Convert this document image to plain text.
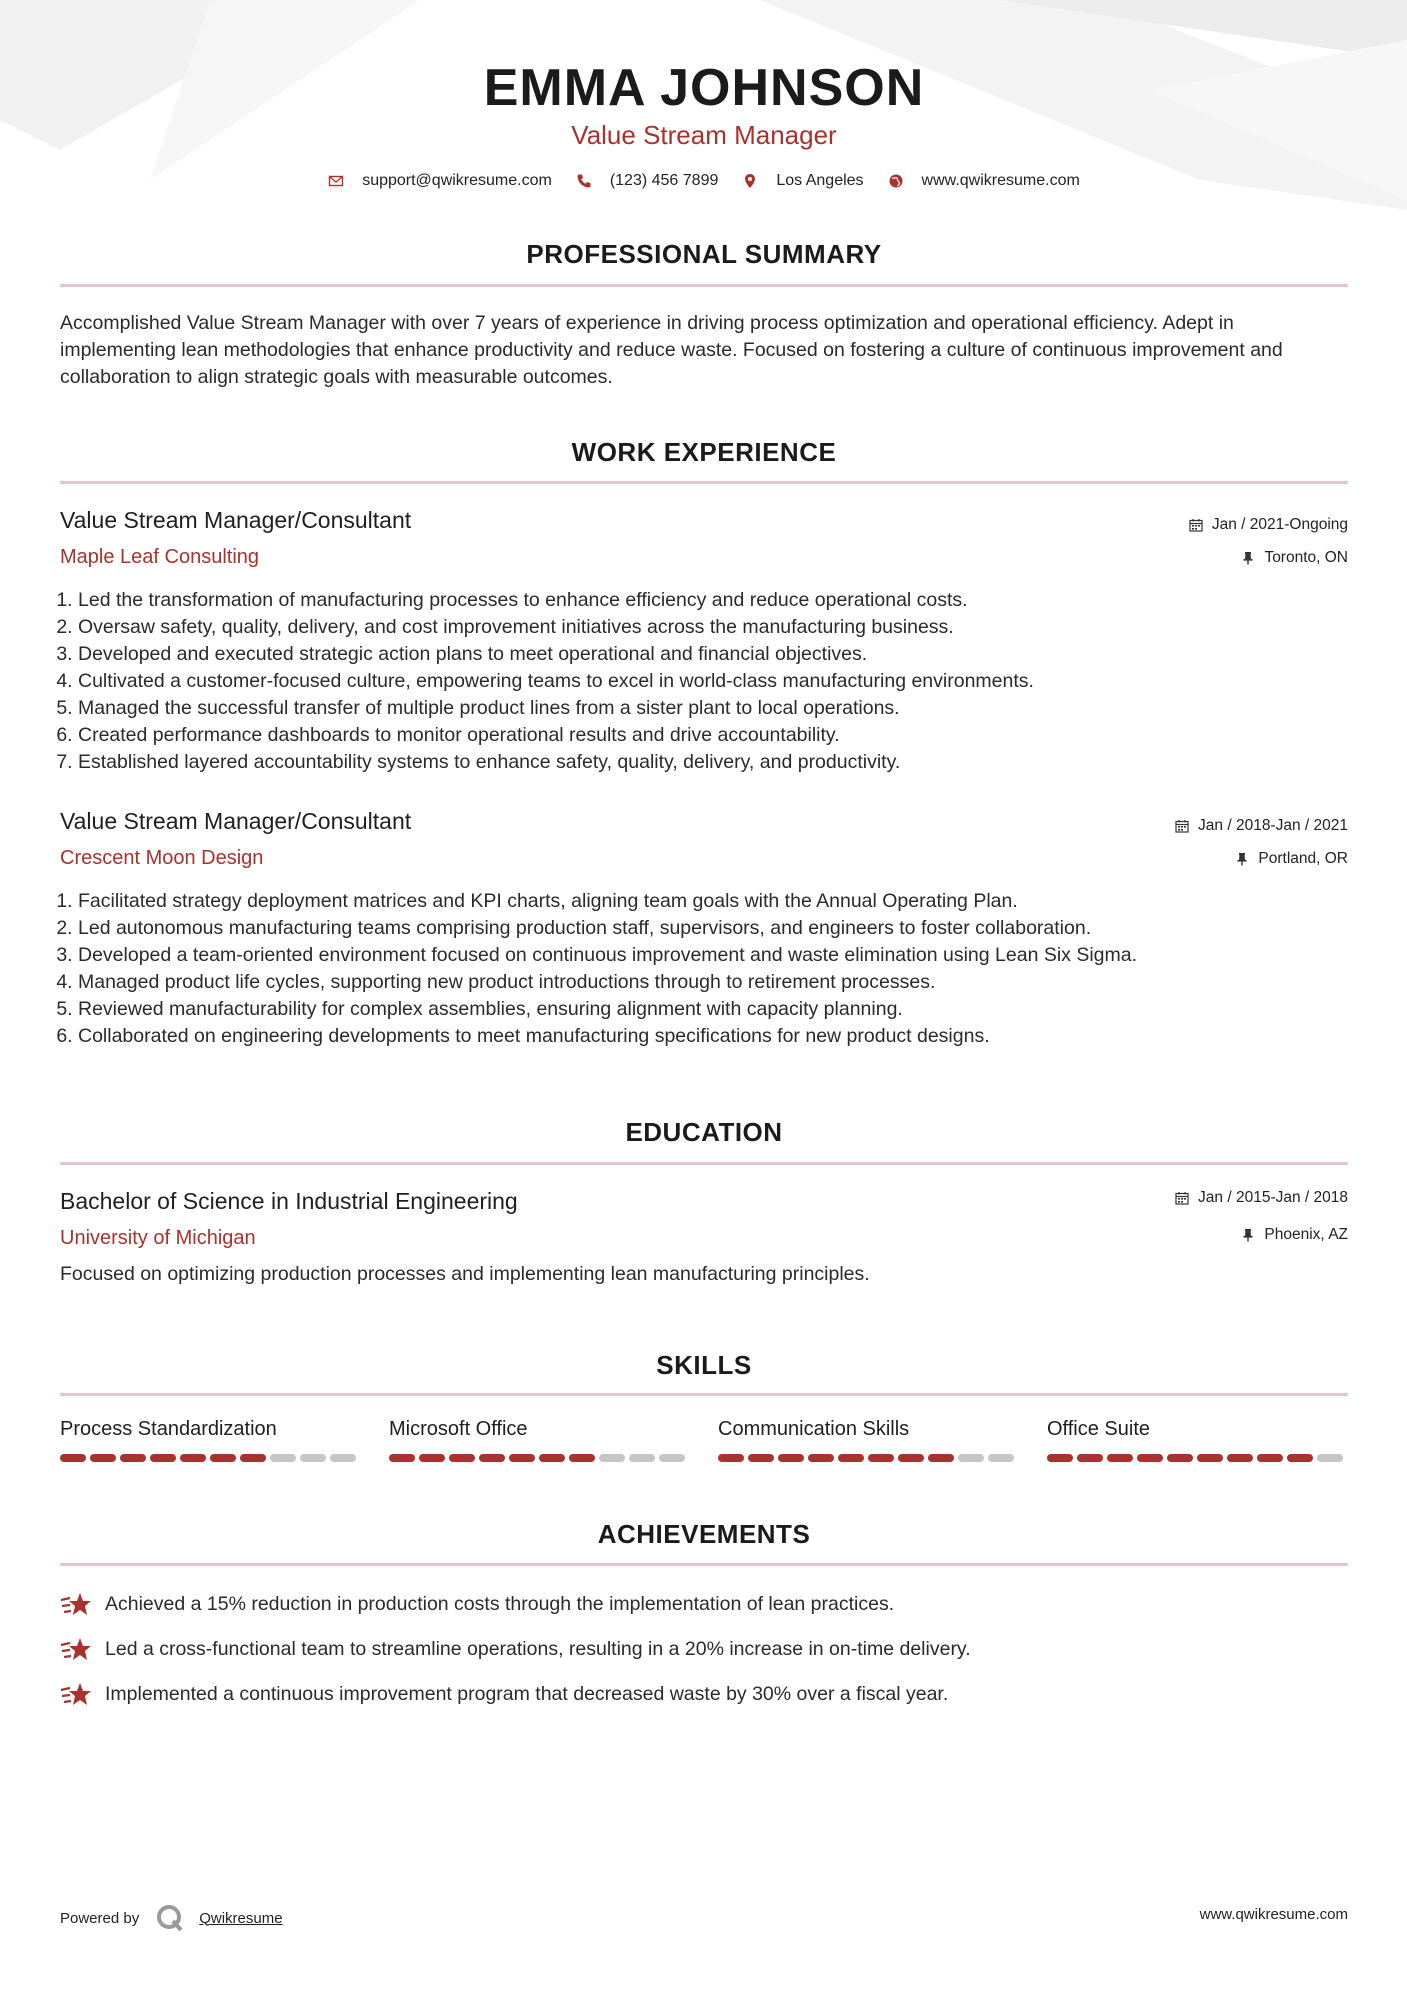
EMMA JOHNSON
Value Stream Manager
support@qwikresume.com	(123) 456 7899	Los Angeles	www.qwikresume.com
PROFESSIONAL SUMMARY
Accomplished Value Stream Manager with over 7 years of experience in driving process optimization and operational efficiency. Adept in implementing lean methodologies that enhance productivity and reduce waste. Focused on fostering a culture of continuous improvement and collaboration to align strategic goals with measurable outcomes.
WORK EXPERIENCE
Value Stream Manager/Consultant
Maple Leaf Consulting
Jan / 2021-Ongoing
Toronto, ON
1. Led the transformation of manufacturing processes to enhance efficiency and reduce operational costs.
2. Oversaw safety, quality, delivery, and cost improvement initiatives across the manufacturing business.
3. Developed and executed strategic action plans to meet operational and financial objectives.
4. Cultivated a customer-focused culture, empowering teams to excel in world-class manufacturing environments.
5. Managed the successful transfer of multiple product lines from a sister plant to local operations.
6. Created performance dashboards to monitor operational results and drive accountability.
7. Established layered accountability systems to enhance safety, quality, delivery, and productivity.
Value Stream Manager/Consultant
Crescent Moon Design
Jan / 2018-Jan / 2021
Portland, OR
1. Facilitated strategy deployment matrices and KPI charts, aligning team goals with the Annual Operating Plan.
2. Led autonomous manufacturing teams comprising production staff, supervisors, and engineers to foster collaboration.
3. Developed a team-oriented environment focused on continuous improvement and waste elimination using Lean Six Sigma.
4. Managed product life cycles, supporting new product introductions through to retirement processes.
5. Reviewed manufacturability for complex assemblies, ensuring alignment with capacity planning.
6. Collaborated on engineering developments to meet manufacturing specifications for new product designs.
EDUCATION
Bachelor of Science in Industrial Engineering
University of Michigan
Jan / 2015-Jan / 2018
Phoenix, AZ
Focused on optimizing production processes and implementing lean manufacturing principles.
SKILLS
Process Standardization	Microsoft Office	Communication Skills	Office Suite
ACHIEVEMENTS
Achieved a 15% reduction in production costs through the implementation of lean practices.
Led a cross-functional team to streamline operations, resulting in a 20% increase in on-time delivery.
Implemented a continuous improvement program that decreased waste by 30% over a fiscal year.
Powered by	Qwikresume	www.qwikresume.com
